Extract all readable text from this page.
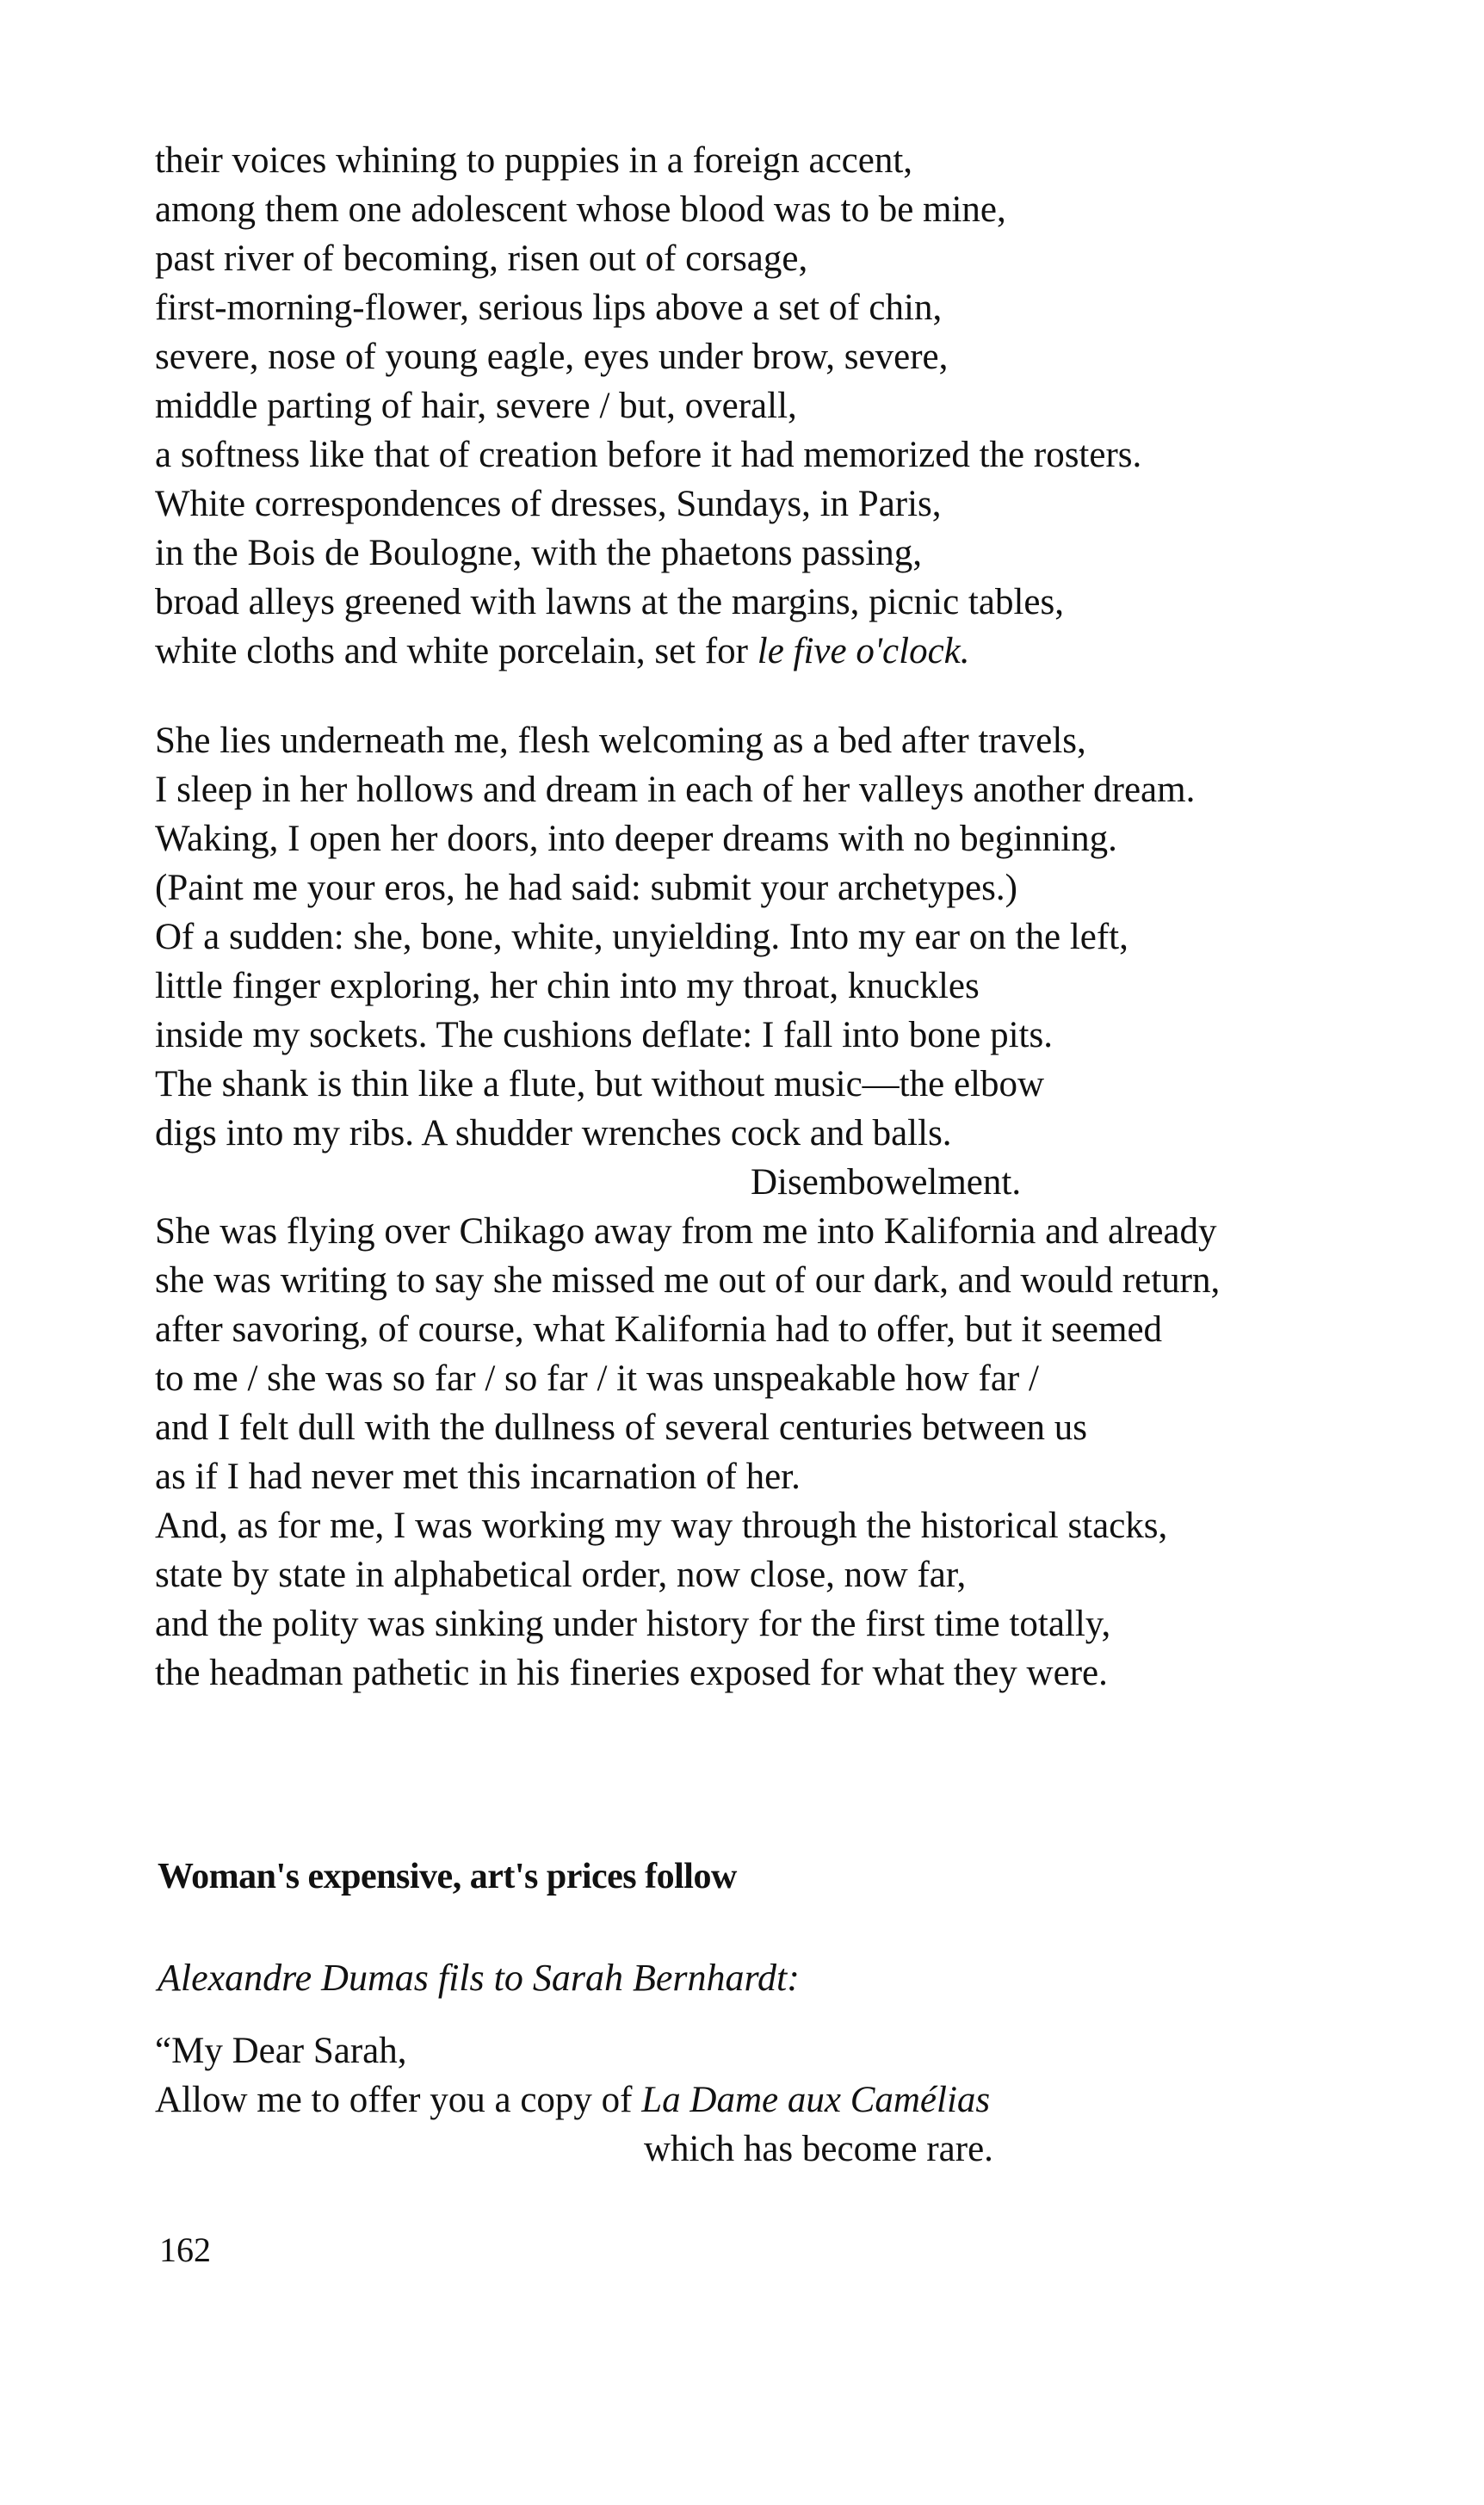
their voices whining to puppies in a foreign accent,
among them one adolescent whose blood was to be mine,
past river of becoming, risen out of corsage,
first-morning-flower, serious lips above a set of chin,
severe, nose of young eagle, eyes under brow, severe,
middle parting of hair, severe / but, overall,
a softness like that of creation before it had memorized the rosters.
White correspondences of dresses, Sundays, in Paris,
in the Bois de Boulogne, with the phaetons passing,
broad alleys greened with lawns at the margins, picnic tables,
white cloths and white porcelain, set for le five o'clock.
She lies underneath me, flesh welcoming as a bed after travels,
I sleep in her hollows and dream in each of her valleys another dream.
Waking, I open her doors, into deeper dreams with no beginning.
(Paint me your eros, he had said: submit your archetypes.)
Of a sudden: she, bone, white, unyielding. Into my ear on the left,
little finger exploring, her chin into my throat, knuckles
inside my sockets. The cushions deflate: I fall into bone pits.
The shank is thin like a flute, but without music—the elbow
digs into my ribs. A shudder wrenches cock and balls.
Disembowelment.
She was flying over Chikago away from me into Kalifornia and already
she was writing to say she missed me out of our dark, and would return,
after savoring, of course, what Kalifornia had to offer, but it seemed
to me / she was so far / so far / it was unspeakable how far /
and I felt dull with the dullness of several centuries between us
as if I had never met this incarnation of her.
And, as for me, I was working my way through the historical stacks,
state by state in alphabetical order, now close, now far,
and the polity was sinking under history for the first time totally,
the headman pathetic in his fineries exposed for what they were.
Woman's expensive, art's prices follow
Alexandre Dumas fils to Sarah Bernhardt:
“My Dear Sarah,
Allow me to offer you a copy of La Dame aux Camélias
which has become rare.
162
